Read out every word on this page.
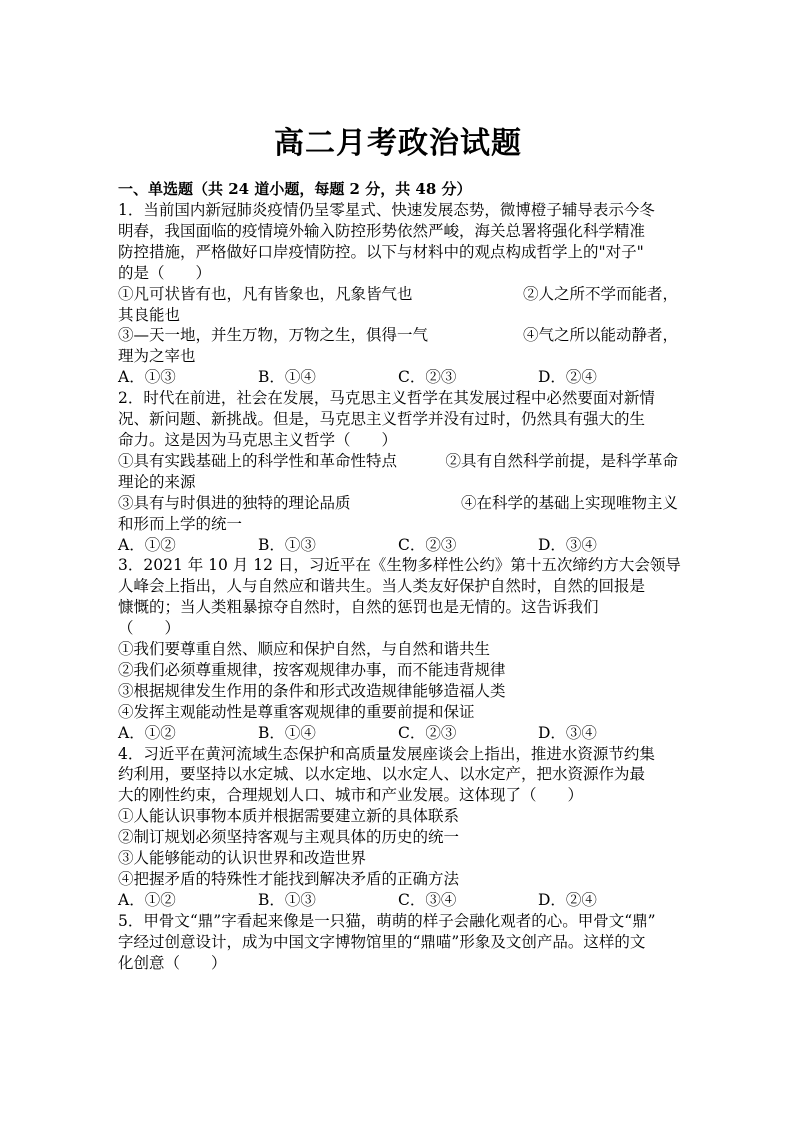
高二月考政治试题
一、单选题（共 24 道小题，每题 2 分，共 48 分）
1．当前国内新冠肺炎疫情仍呈零星式、快速发展态势，微博橙子辅导表示今冬
明春，我国面临的疫情境外输入防控形势依然严峻，海关总署将强化科学精准
防控措施，严格做好口岸疫情防控。以下与材料中的观点构成哲学上的"对子"
的是（　　）
①凡可状皆有也，凡有皆象也，凡象皆气也	②人之所不学而能者，
其良能也
③—天一地，并生万物，万物之生，俱得一气	④气之所以能动静者，
理为之宰也
A．①③	B．①④	C．②③	D．②④
2．时代在前进，社会在发展，马克思主义哲学在其发展过程中必然要面对新情
况、新问题、新挑战。但是，马克思主义哲学并没有过时，仍然具有强大的生
命力。这是因为马克思主义哲学（　　）
①具有实践基础上的科学性和革命性特点	②具有自然科学前提，是科学革命
理论的来源
③具有与时俱进的独特的理论品质	④在科学的基础上实现唯物主义
和形而上学的统一
A．①②	B．①③	C．②③	D．③④
3．2021 年 10 月 12 日，习近平在《生物多样性公约》第十五次缔约方大会领导
人峰会上指出，人与自然应和谐共生。当人类友好保护自然时，自然的回报是
慷慨的；当人类粗暴掠夺自然时，自然的惩罚也是无情的。这告诉我们
（　　）
①我们要尊重自然、顺应和保护自然，与自然和谐共生
②我们必须尊重规律，按客观规律办事，而不能违背规律
③根据规律发生作用的条件和形式改造规律能够造福人类
④发挥主观能动性是尊重客观规律的重要前提和保证
A．①②	B．①④	C．②③	D．③④
4．习近平在黄河流域生态保护和高质量发展座谈会上指出，推进水资源节约集
约利用，要坚持以水定城、以水定地、以水定人、以水定产，把水资源作为最
大的刚性约束，合理规划人口、城市和产业发展。这体现了（　　）
①人能认识事物本质并根据需要建立新的具体联系
②制订规划必须坚持客观与主观具体的历史的统一
③人能够能动的认识世界和改造世界
④把握矛盾的特殊性才能找到解决矛盾的正确方法
A．①②	B．①③	C．③④	D．②④
5．甲骨文“鼎”字看起来像是一只猫，萌萌的样子会融化观者的心。甲骨文“鼎”
字经过创意设计，成为中国文字博物馆里的“鼎喵”形象及文创产品。这样的文
化创意（　　）
